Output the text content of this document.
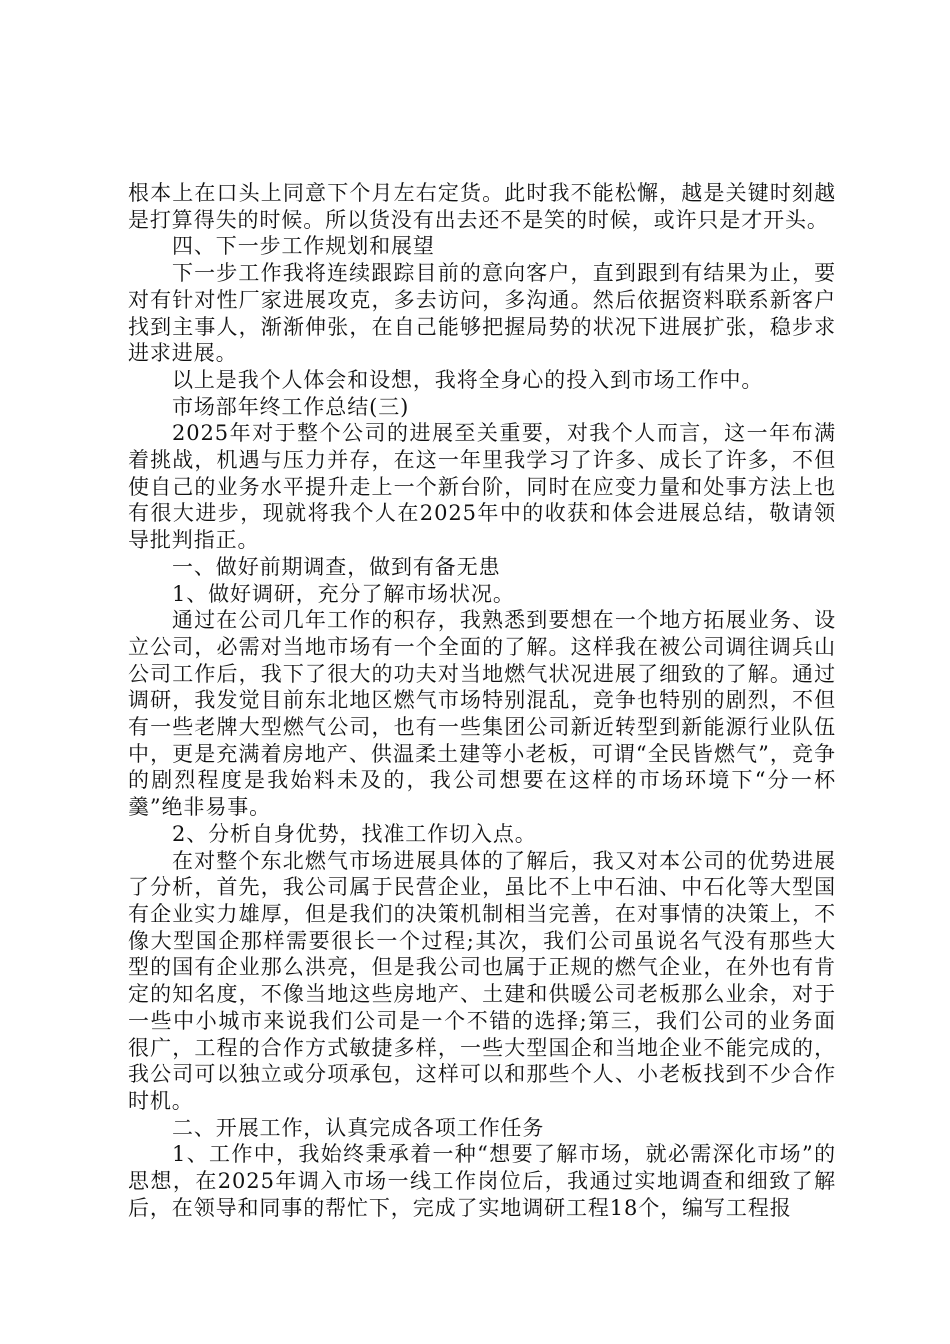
根本上在口头上同意下个月左右定货。此时我不能松懈，越是关键时刻越是打算得失的时候。所以货没有出去还不是笑的时候，或许只是才开头。

四、下一步工作规划和展望

下一步工作我将连续跟踪目前的意向客户，直到跟到有结果为止，要对有针对性厂家进展攻克，多去访问，多沟通。然后依据资料联系新客户找到主事人，渐渐伸张，在自己能够把握局势的状况下进展扩张，稳步求进求进展。

以上是我个人体会和设想，我将全身心的投入到市场工作中。

市场部年终工作总结(三)

2025年对于整个公司的进展至关重要，对我个人而言，这一年布满着挑战，机遇与压力并存，在这一年里我学习了许多、成长了许多，不但使自己的业务水平提升走上一个新台阶，同时在应变力量和处事方法上也有很大进步，现就将我个人在2025年中的收获和体会进展总结，敬请领导批判指正。

一、做好前期调查，做到有备无患

1、做好调研，充分了解市场状况。

通过在公司几年工作的积存，我熟悉到要想在一个地方拓展业务、设立公司，必需对当地市场有一个全面的了解。这样我在被公司调往调兵山公司工作后，我下了很大的功夫对当地燃气状况进展了细致的了解。通过调研，我发觉目前东北地区燃气市场特别混乱，竞争也特别的剧烈，不但有一些老牌大型燃气公司，也有一些集团公司新近转型到新能源行业队伍中，更是充满着房地产、供温柔土建等小老板，可谓“全民皆燃气”，竞争的剧烈程度是我始料未及的，我公司想要在这样的市场环境下“分一杯羹”绝非易事。

2、分析自身优势，找准工作切入点。

在对整个东北燃气市场进展具体的了解后，我又对本公司的优势进展了分析，首先，我公司属于民营企业，虽比不上中石油、中石化等大型国有企业实力雄厚，但是我们的决策机制相当完善，在对事情的决策上，不像大型国企那样需要很长一个过程;其次，我们公司虽说名气没有那些大型的国有企业那么洪亮，但是我公司也属于正规的燃气企业，在外也有肯定的知名度，不像当地这些房地产、土建和供暖公司老板那么业余，对于一些中小城市来说我们公司是一个不错的选择;第三，我们公司的业务面很广，工程的合作方式敏捷多样，一些大型国企和当地企业不能完成的，我公司可以独立或分项承包，这样可以和那些个人、小老板找到不少合作时机。

二、开展工作，认真完成各项工作任务

1、工作中，我始终秉承着一种“想要了解市场，就必需深化市场”的思想，在2025年调入市场一线工作岗位后，我通过实地调查和细致了解后，在领导和同事的帮忙下，完成了实地调研工程18个，编写工程报
